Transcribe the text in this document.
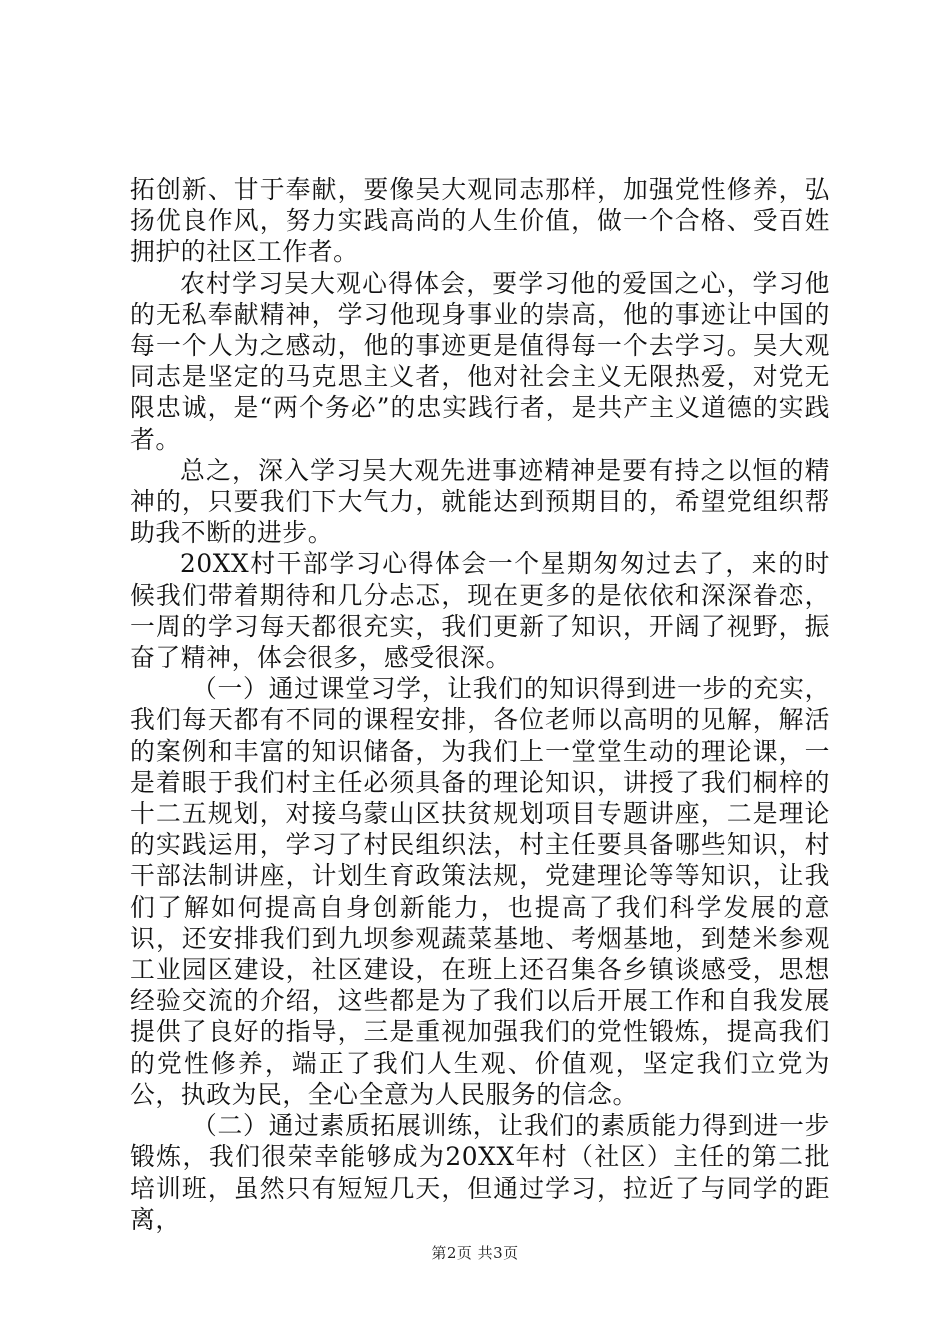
拓创新、甘于奉献，要像吴大观同志那样，加强党性修养，弘扬优良作风，努力实践高尚的人生价值，做一个合格、受百姓拥护的社区工作者。

农村学习吴大观心得体会，要学习他的爱国之心，学习他的无私奉献精神，学习他现身事业的崇高，他的事迹让中国的每一个人为之感动，他的事迹更是值得每一个去学习。吴大观同志是坚定的马克思主义者，他对社会主义无限热爱，对党无限忠诚，是“两个务必”的忠实践行者，是共产主义道德的实践者。

总之，深入学习吴大观先进事迹精神是要有持之以恒的精神的，只要我们下大气力，就能达到预期目的，希望党组织帮助我不断的进步。

20XX村干部学习心得体会一个星期匆匆过去了，来的时候我们带着期待和几分忐忑，现在更多的是依依和深深眷恋，一周的学习每天都很充实，我们更新了知识，开阔了视野，振奋了精神，体会很多，感受很深。

（一）通过课堂习学，让我们的知识得到进一步的充实，我们每天都有不同的课程安排，各位老师以高明的见解，解活的案例和丰富的知识储备，为我们上一堂堂生动的理论课，一是着眼于我们村主任必须具备的理论知识，讲授了我们桐梓的十二五规划，对接乌蒙山区扶贫规划项目专题讲座，二是理论的实践运用，学习了村民组织法，村主任要具备哪些知识，村干部法制讲座，计划生育政策法规，党建理论等等知识，让我们了解如何提高自身创新能力，也提高了我们科学发展的意识，还安排我们到九坝参观蔬菜基地、考烟基地，到楚米参观工业园区建设，社区建设，在班上还召集各乡镇谈感受，思想经验交流的介绍，这些都是为了我们以后开展工作和自我发展提供了良好的指导，三是重视加强我们的党性锻炼，提高我们的党性修养，端正了我们人生观、价值观，坚定我们立党为公，执政为民，全心全意为人民服务的信念。

（二）通过素质拓展训练，让我们的素质能力得到进一步锻炼，我们很荣幸能够成为20XX年村（社区）主任的第二批培训班，虽然只有短短几天，但通过学习，拉近了与同学的距离，

第2页 共3页
